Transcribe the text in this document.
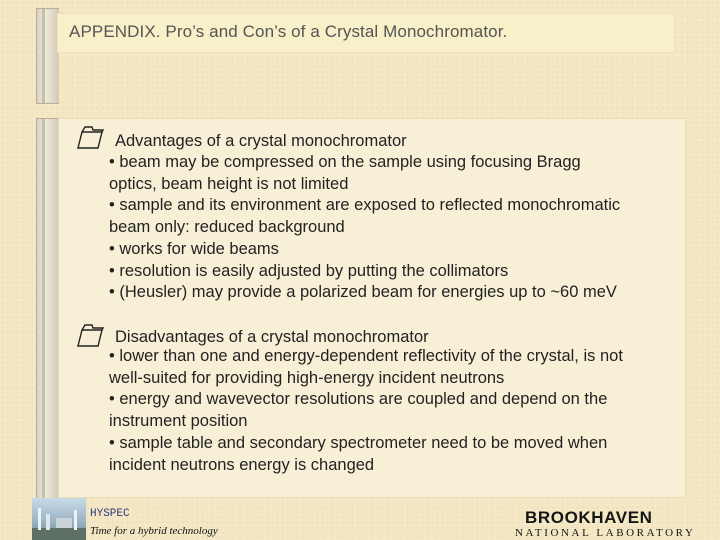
APPENDIX. Pro’s and Con’s of a Crystal Monochromator.
Advantages of a crystal monochromator
• beam may be compressed on the sample using focusing Bragg
optics, beam height is not limited
• sample and its environment are exposed to reflected monochromatic
beam only: reduced background
• works for wide beams
• resolution is easily adjusted by putting the collimators
• (Heusler) may provide a polarized beam for energies up to ~60 meV
Disadvantages of a crystal monochromator
• lower than one and energy-dependent reflectivity of the crystal, is not
well-suited for providing high-energy incident neutrons
• energy and wavevector resolutions are coupled and depend on the
instrument position
• sample table and secondary spectrometer need to be moved when
incident neutrons energy is changed
HYSPEC
Time for a hybrid technology
BROOKHAVEN
NATIONAL LABORATORY
